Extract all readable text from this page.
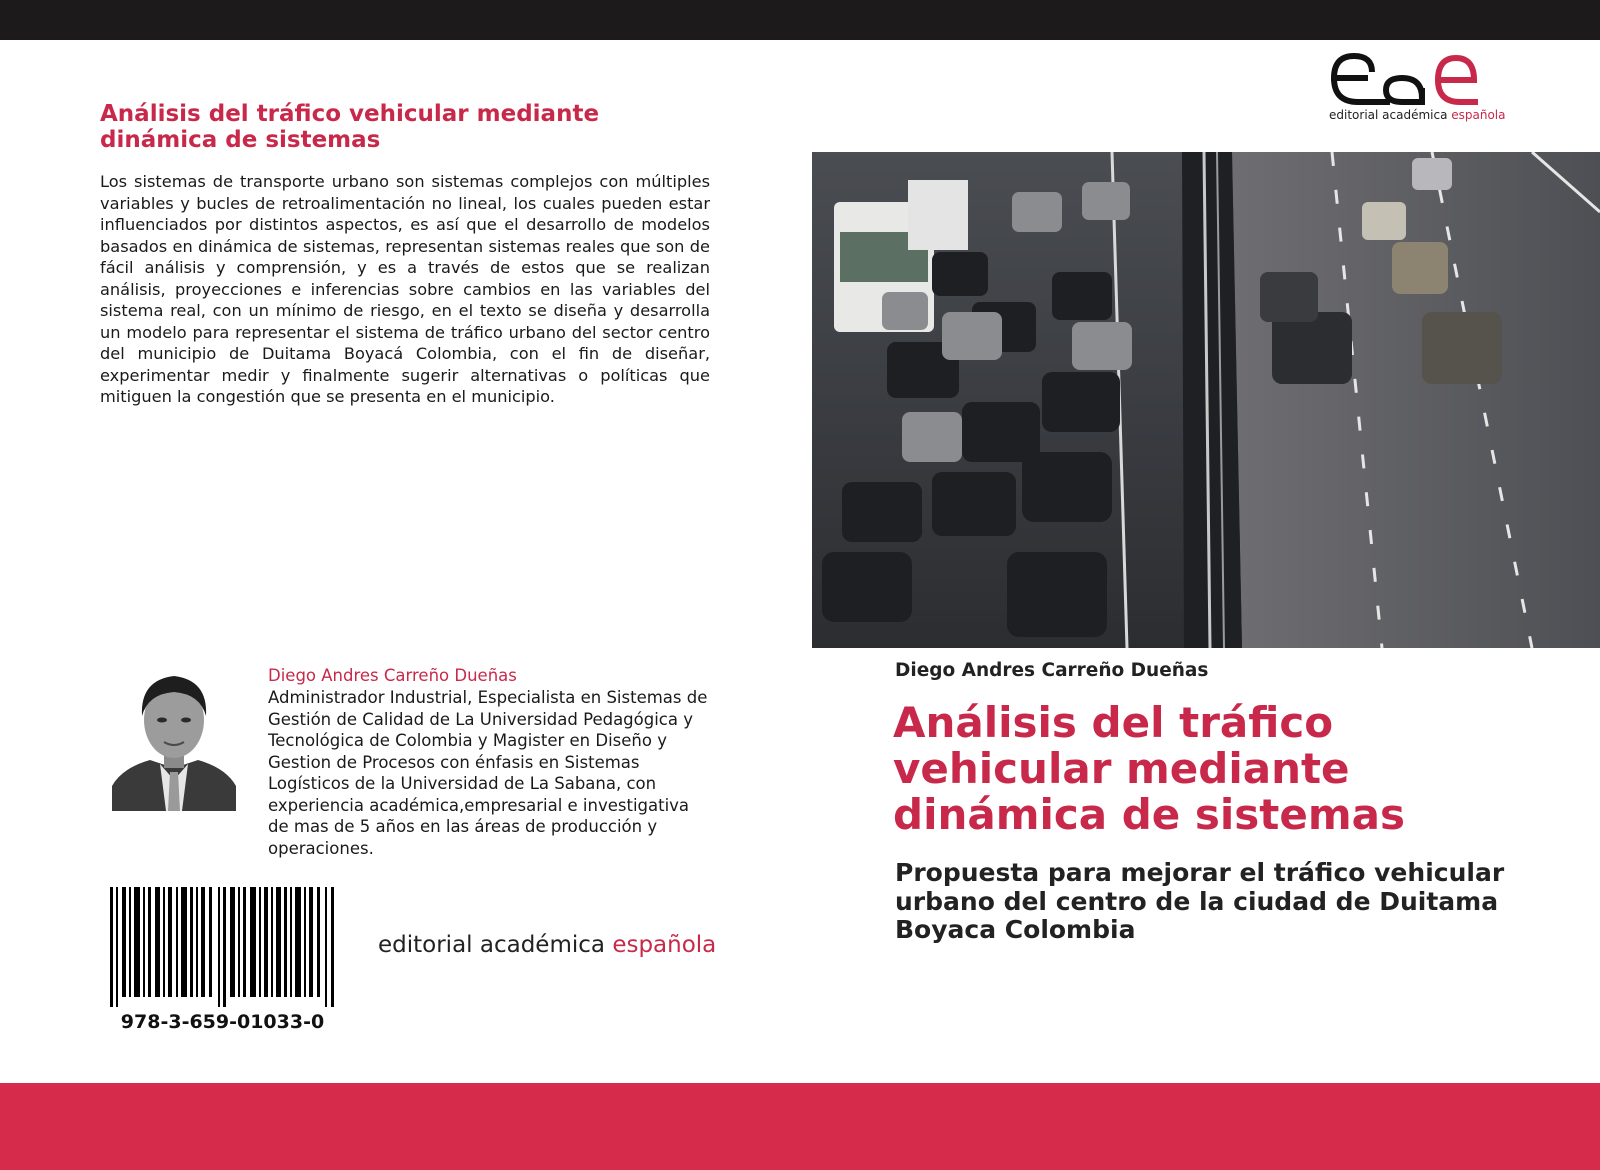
Análisis del tráfico vehicular mediante dinámica de sistemas

Los sistemas de transporte urbano son sistemas complejos con múltiples variables y bucles de retroalimentación no lineal, los cuales pueden estar influenciados por distintos aspectos, es así que el desarrollo de modelos basados en dinámica de sistemas, representan sistemas reales que son de fácil análisis y comprensión, y es a través de estos que se realizan análisis, proyecciones e inferencias sobre cambios en las variables del sistema real, con un mínimo de riesgo, en el texto se diseña y desarrolla un modelo para representar el sistema de tráfico urbano del sector centro del municipio de Duitama Boyacá Colombia, con el fin de diseñar, experimentar medir y finalmente sugerir alternativas o políticas que mitiguen la congestión que se presenta en el municipio.

Diego Andres Carreño Dueñas

Administrador Industrial, Especialista en Sistemas de Gestión de Calidad de La Universidad Pedagógica y Tecnológica de Colombia y Magister en Diseño y Gestion de Procesos con énfasis en Sistemas Logísticos de la Universidad de La Sabana, con experiencia académica,empresarial e investigativa de mas de 5 años en las áreas de producción y operaciones.

978-3-659-01033-0
editorial académica española
editorial académica española
Diego Andres Carreño Dueñas
Análisis del tráfico vehicular mediante dinámica de sistemas
Propuesta para mejorar el tráfico vehicular urbano del centro de la ciudad de Duitama Boyaca Colombia
